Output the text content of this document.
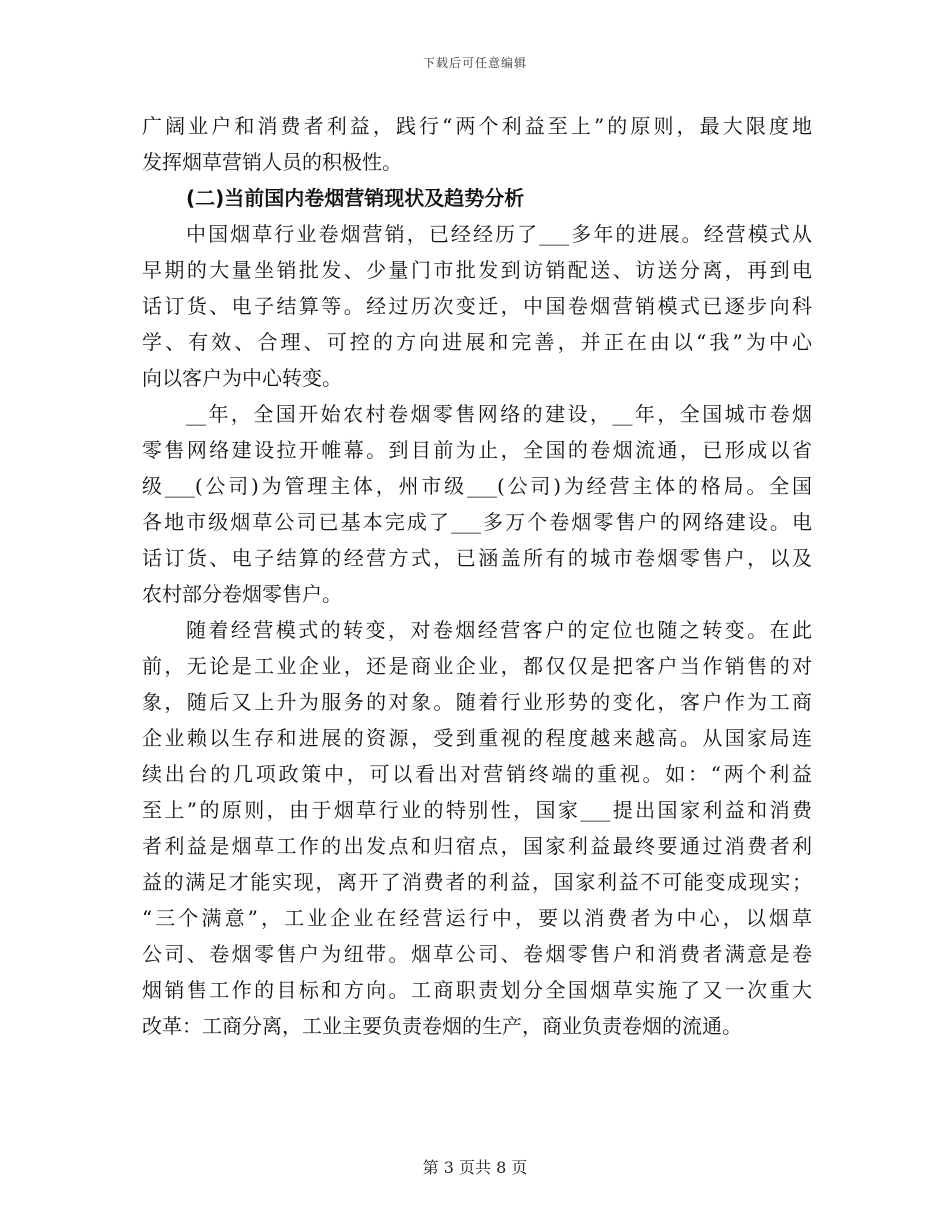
下载后可任意编辑
广阔业户和消费者利益，践行“两个利益至上”的原则，最大限度地
发挥烟草营销人员的积极性。
(二)当前国内卷烟营销现状及趋势分析
中国烟草行业卷烟营销，已经经历了___多年的进展。经营模式从
早期的大量坐销批发、少量门市批发到访销配送、访送分离，再到电
话订货、电子结算等。经过历次变迁，中国卷烟营销模式已逐步向科
学、有效、合理、可控的方向进展和完善，并正在由以“我”为中心
向以客户为中心转变。
__年，全国开始农村卷烟零售网络的建设，__年，全国城市卷烟
零售网络建设拉开帷幕。到目前为止，全国的卷烟流通，已形成以省
级___(公司)为管理主体，州市级___(公司)为经营主体的格局。全国
各地市级烟草公司已基本完成了___多万个卷烟零售户的网络建设。电
话订货、电子结算的经营方式，已涵盖所有的城市卷烟零售户，以及
农村部分卷烟零售户。
随着经营模式的转变，对卷烟经营客户的定位也随之转变。在此
前，无论是工业企业，还是商业企业，都仅仅是把客户当作销售的对
象，随后又上升为服务的对象。随着行业形势的变化，客户作为工商
企业赖以生存和进展的资源，受到重视的程度越来越高。从国家局连
续出台的几项政策中，可以看出对营销终端的重视。如：“两个利益
至上”的原则，由于烟草行业的特别性，国家___提出国家利益和消费
者利益是烟草工作的出发点和归宿点，国家利益最终要通过消费者利
益的满足才能实现，离开了消费者的利益，国家利益不可能变成现实；
“三个满意”，工业企业在经营运行中，要以消费者为中心，以烟草
公司、卷烟零售户为纽带。烟草公司、卷烟零售户和消费者满意是卷
烟销售工作的目标和方向。工商职责划分全国烟草实施了又一次重大
改革：工商分离，工业主要负责卷烟的生产，商业负责卷烟的流通。
第 3 页共 8 页
